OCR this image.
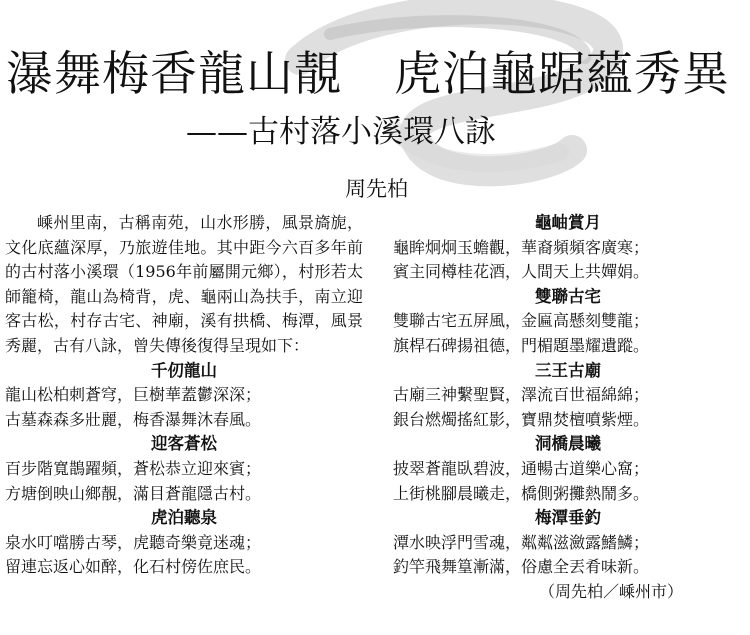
瀑舞梅香龍山靚 虎泊龜踞蘊秀異
——古村落小溪環八詠
周先柏
嵊州里南，古稱南苑，山水形勝，風景旖旎，文化底蘊深厚，乃旅遊佳地。其中距今六百多年前的古村落小溪環（1956年前屬開元鄉），村形若太師籠椅，龍山為椅背，虎、龜兩山為扶手，南立迎客古松，村存古宅、神廟，溪有拱橋、梅潭，風景秀麗，古有八詠，曾失傳後復得呈現如下：
千仞龍山
龍山松柏刺蒼穹，巨樹華蓋鬱深深；
古墓森森多壯麗，梅香瀑舞沐春風。
迎客蒼松
百步階寬鵲躍頻，蒼松恭立迎來賓；
方塘倒映山鄉靚，滿目蒼龍隱古村。
虎泊聽泉
泉水叮噹勝古琴，虎聽奇樂竟迷魂；
留連忘返心如醉，化石村傍佐庶民。
龜岫賞月
龜眸炯炯玉蟾觀，華裔頻頻客廣寒；
賓主同樽桂花酒，人間天上共嬋娟。
雙聯古宅
雙聯古宅五屏風，金匾高懸刻雙龍；
旗桿石碑揚祖德，門楣題墨耀遺蹤。
三王古廟
古廟三神繫聖賢，澤流百世福綿綿；
銀台燃燭搖紅影，寶鼎焚檀噴紫煙。
洞橋晨曦
披翠蒼龍臥碧波，通暢古道樂心窩；
上街桃腳晨曦走，橋側粥攤熱鬧多。
梅潭垂釣
潭水映浮門雪魂，粼粼滋瀲露鰭鱗；
釣竿飛舞篁漸滿，俗慮全丟肴味新。
（周先柏／嵊州市）
